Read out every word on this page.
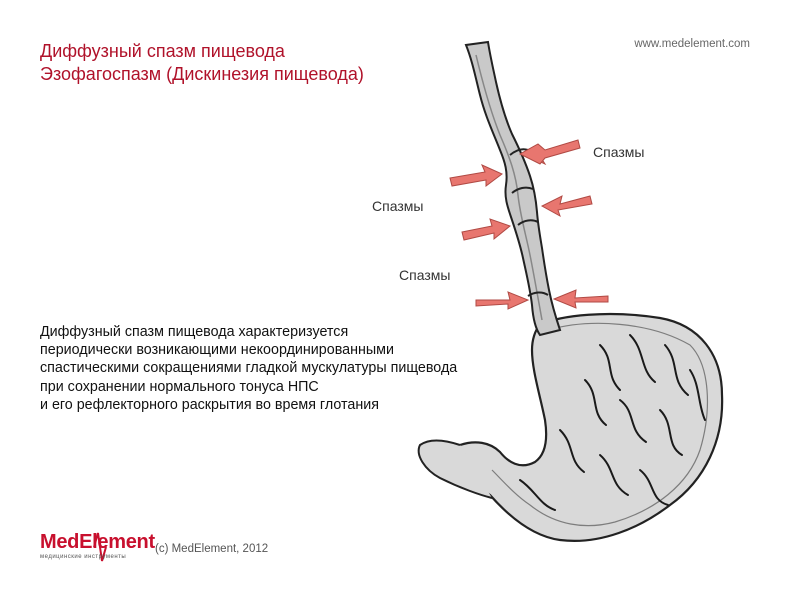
Диффузный спазм пищевода
Эзофагоспазм (Дискинезия пищевода)
www.medelement.com
Спазмы
Спазмы
Спазмы
Диффузный спазм пищевода характеризуется
периодически возникающими некоординированными
спастическими сокращениями гладкой мускулатуры пищевода
при сохранении нормального тонуса НПС
и его рефлекторного раскрытия во время глотания
MedElement
медицинские инструменты
(c) MedElement, 2012
